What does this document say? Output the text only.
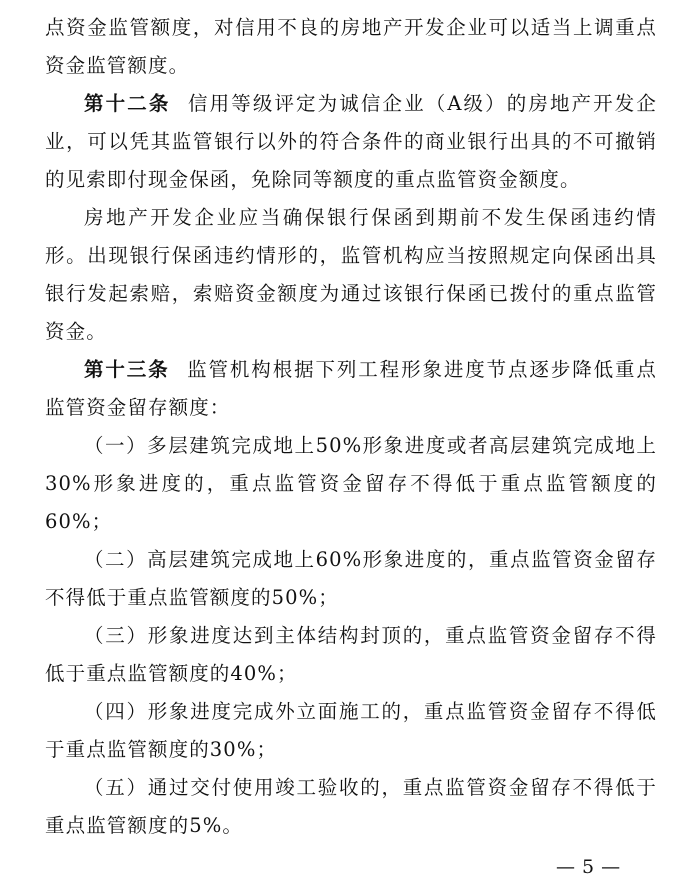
点资金监管额度，对信用不良的房地产开发企业可以适当上调重点资金监管额度。

第十二条 信用等级评定为诚信企业（A级）的房地产开发企业，可以凭其监管银行以外的符合条件的商业银行出具的不可撤销的见索即付现金保函，免除同等额度的重点监管资金额度。

房地产开发企业应当确保银行保函到期前不发生保函违约情形。出现银行保函违约情形的，监管机构应当按照规定向保函出具银行发起索赔，索赔资金额度为通过该银行保函已拨付的重点监管资金。

第十三条 监管机构根据下列工程形象进度节点逐步降低重点监管资金留存额度：

（一）多层建筑完成地上50%形象进度或者高层建筑完成地上30%形象进度的，重点监管资金留存不得低于重点监管额度的60%；

（二）高层建筑完成地上60%形象进度的，重点监管资金留存不得低于重点监管额度的50%；

（三）形象进度达到主体结构封顶的，重点监管资金留存不得低于重点监管额度的40%；

（四）形象进度完成外立面施工的，重点监管资金留存不得低于重点监管额度的30%；

（五）通过交付使用竣工验收的，重点监管资金留存不得低于重点监管额度的5%。

— 5 —
